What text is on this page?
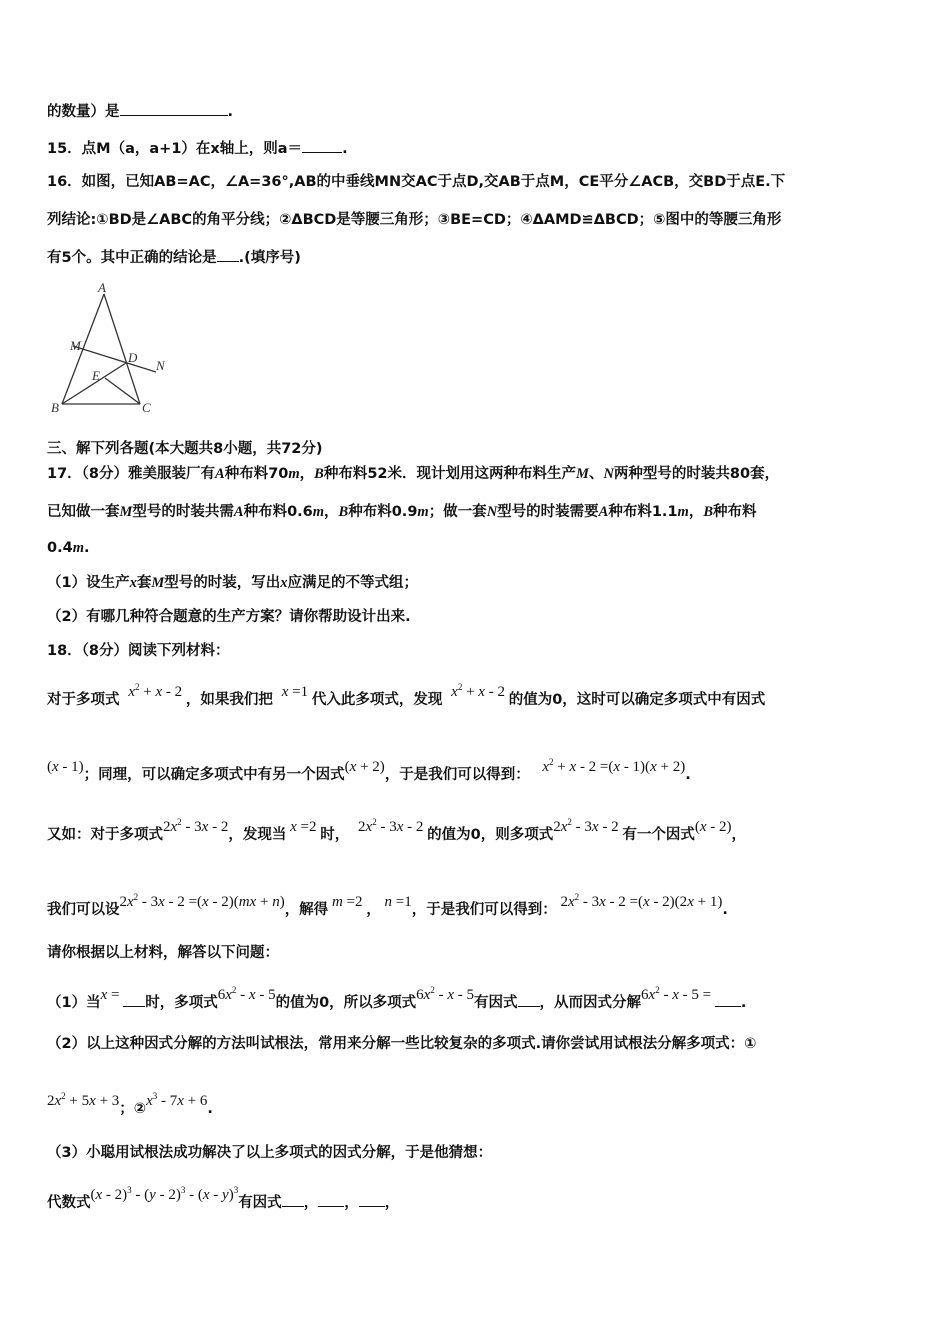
的数量）是	.
15．点M（a，a+1）在x轴上，则a＝	.
16．如图，已知AB=AC，∠A=36°,AB的中垂线MN交AC于点D,交AB于点M，CE平分∠ACB，交BD于点E.下
列结论:①BD是∠ABC的角平分线；②ΔBCD是等腰三角形；③BE=CD；④ΔAMD≌ΔBCD；⑤图中的等腰三角形
有5个。其中正确的结论是 .(填序号)
A
M
D
N
E
B	C
三、解下列各题(本大题共8小题，共72分)
17．（8分）雅美服装厂有A种布料70m，B种布料52米．现计划用这两种布料生产M、N两种型号的时装共80套，
已知做一套M型号的时装共需A种布料0.6m，B种布料0.9m；做一套N型号的时装需要A种布料1.1m，B种布料
0.4m.
（1）设生产x套M型号的时装，写出x应满足的不等式组；
（2）有哪几种符合题意的生产方案？请你帮助设计出来.
18．（8分）阅读下列材料：
对于多项式 $x^2 + x - 2$ ，如果我们把 x =1 代入此多项式，发现 $x^2 + x - 2$ 的值为0，这时可以确定多项式中有因式
(x - 1)；同理，可以确定多项式中有另一个因式(x + 2)，于是我们可以得到： $x^2 + x - 2 =(x - 1)(x + 2)$.
又如：对于多项式$2x^2 - 3x - 2$，发现当 x =2 时，  $2x^2 - 3x - 2$ 的值为0，则多项式$2x^2 - 3x - 2$ 有一个因式(x - 2)，
我们可以设$2x^2 - 3x - 2 =(x - 2)(mx + n)$，解得 m =2 ， n =1，于是我们可以得到： $2x^2 - 3x - 2 =(x - 2)(2x + 1)$.
请你根据以上材料，解答以下问题：
（1）当x = 时，多项式$6x^2$ - x - 5的值为0，所以多项式$6x^2$ - x - 5有因式 ，从而因式分解$6x^2$ - x - 5 = .
（2）以上这种因式分解的方法叫试根法，常用来分解一些比较复杂的多项式.请你尝试用试根法分解多项式：①
$2x^2 + 5x + 3$；$②x^3 - 7x + 6$.
（3）小聪用试根法成功解决了以上多项式的因式分解，于是他猜想：
代数式(x - 2)$^3$ - (y - 2)$^3$ - (x - y)$^3$有因式 ， ， ，
